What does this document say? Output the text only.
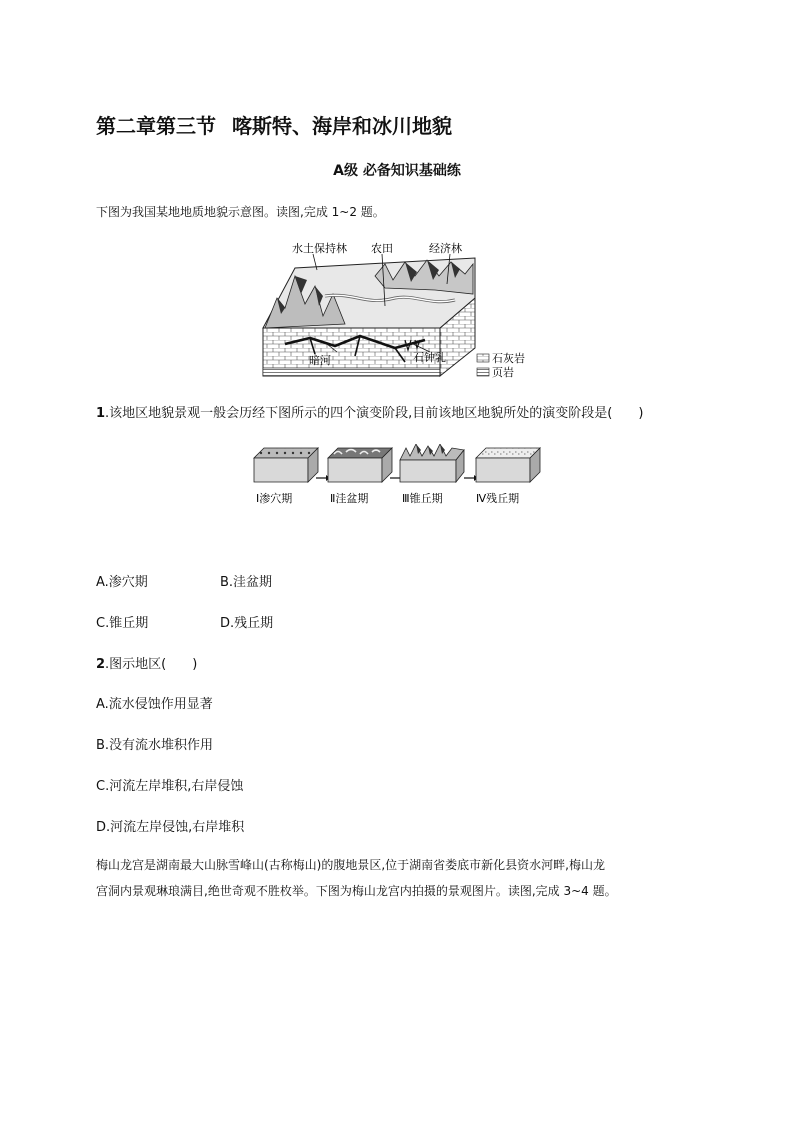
第二章第三节 喀斯特、海岸和冰川地貌
A级 必备知识基础练
下图为我国某地地质地貌示意图。读图,完成 1~2 题。
水土保持林 农田	经济林
暗河	石钟乳	石灰岩
页岩
1.该地区地貌景观一般会历经下图所示的四个演变阶段,目前该地区地貌所处的演变阶段是(　　)
Ⅰ渗穴期	Ⅱ洼盆期	Ⅲ锥丘期	Ⅳ残丘期
A.渗穴期	B.洼盆期
C.锥丘期	D.残丘期
2.图示地区(　　)
A.流水侵蚀作用显著
B.没有流水堆积作用
C.河流左岸堆积,右岸侵蚀
D.河流左岸侵蚀,右岸堆积
梅山龙宫是湖南最大山脉雪峰山(古称梅山)的腹地景区,位于湖南省娄底市新化县资水河畔,梅山龙
宫洞内景观琳琅满目,绝世奇观不胜枚举。下图为梅山龙宫内拍摄的景观图片。读图,完成 3~4 题。
